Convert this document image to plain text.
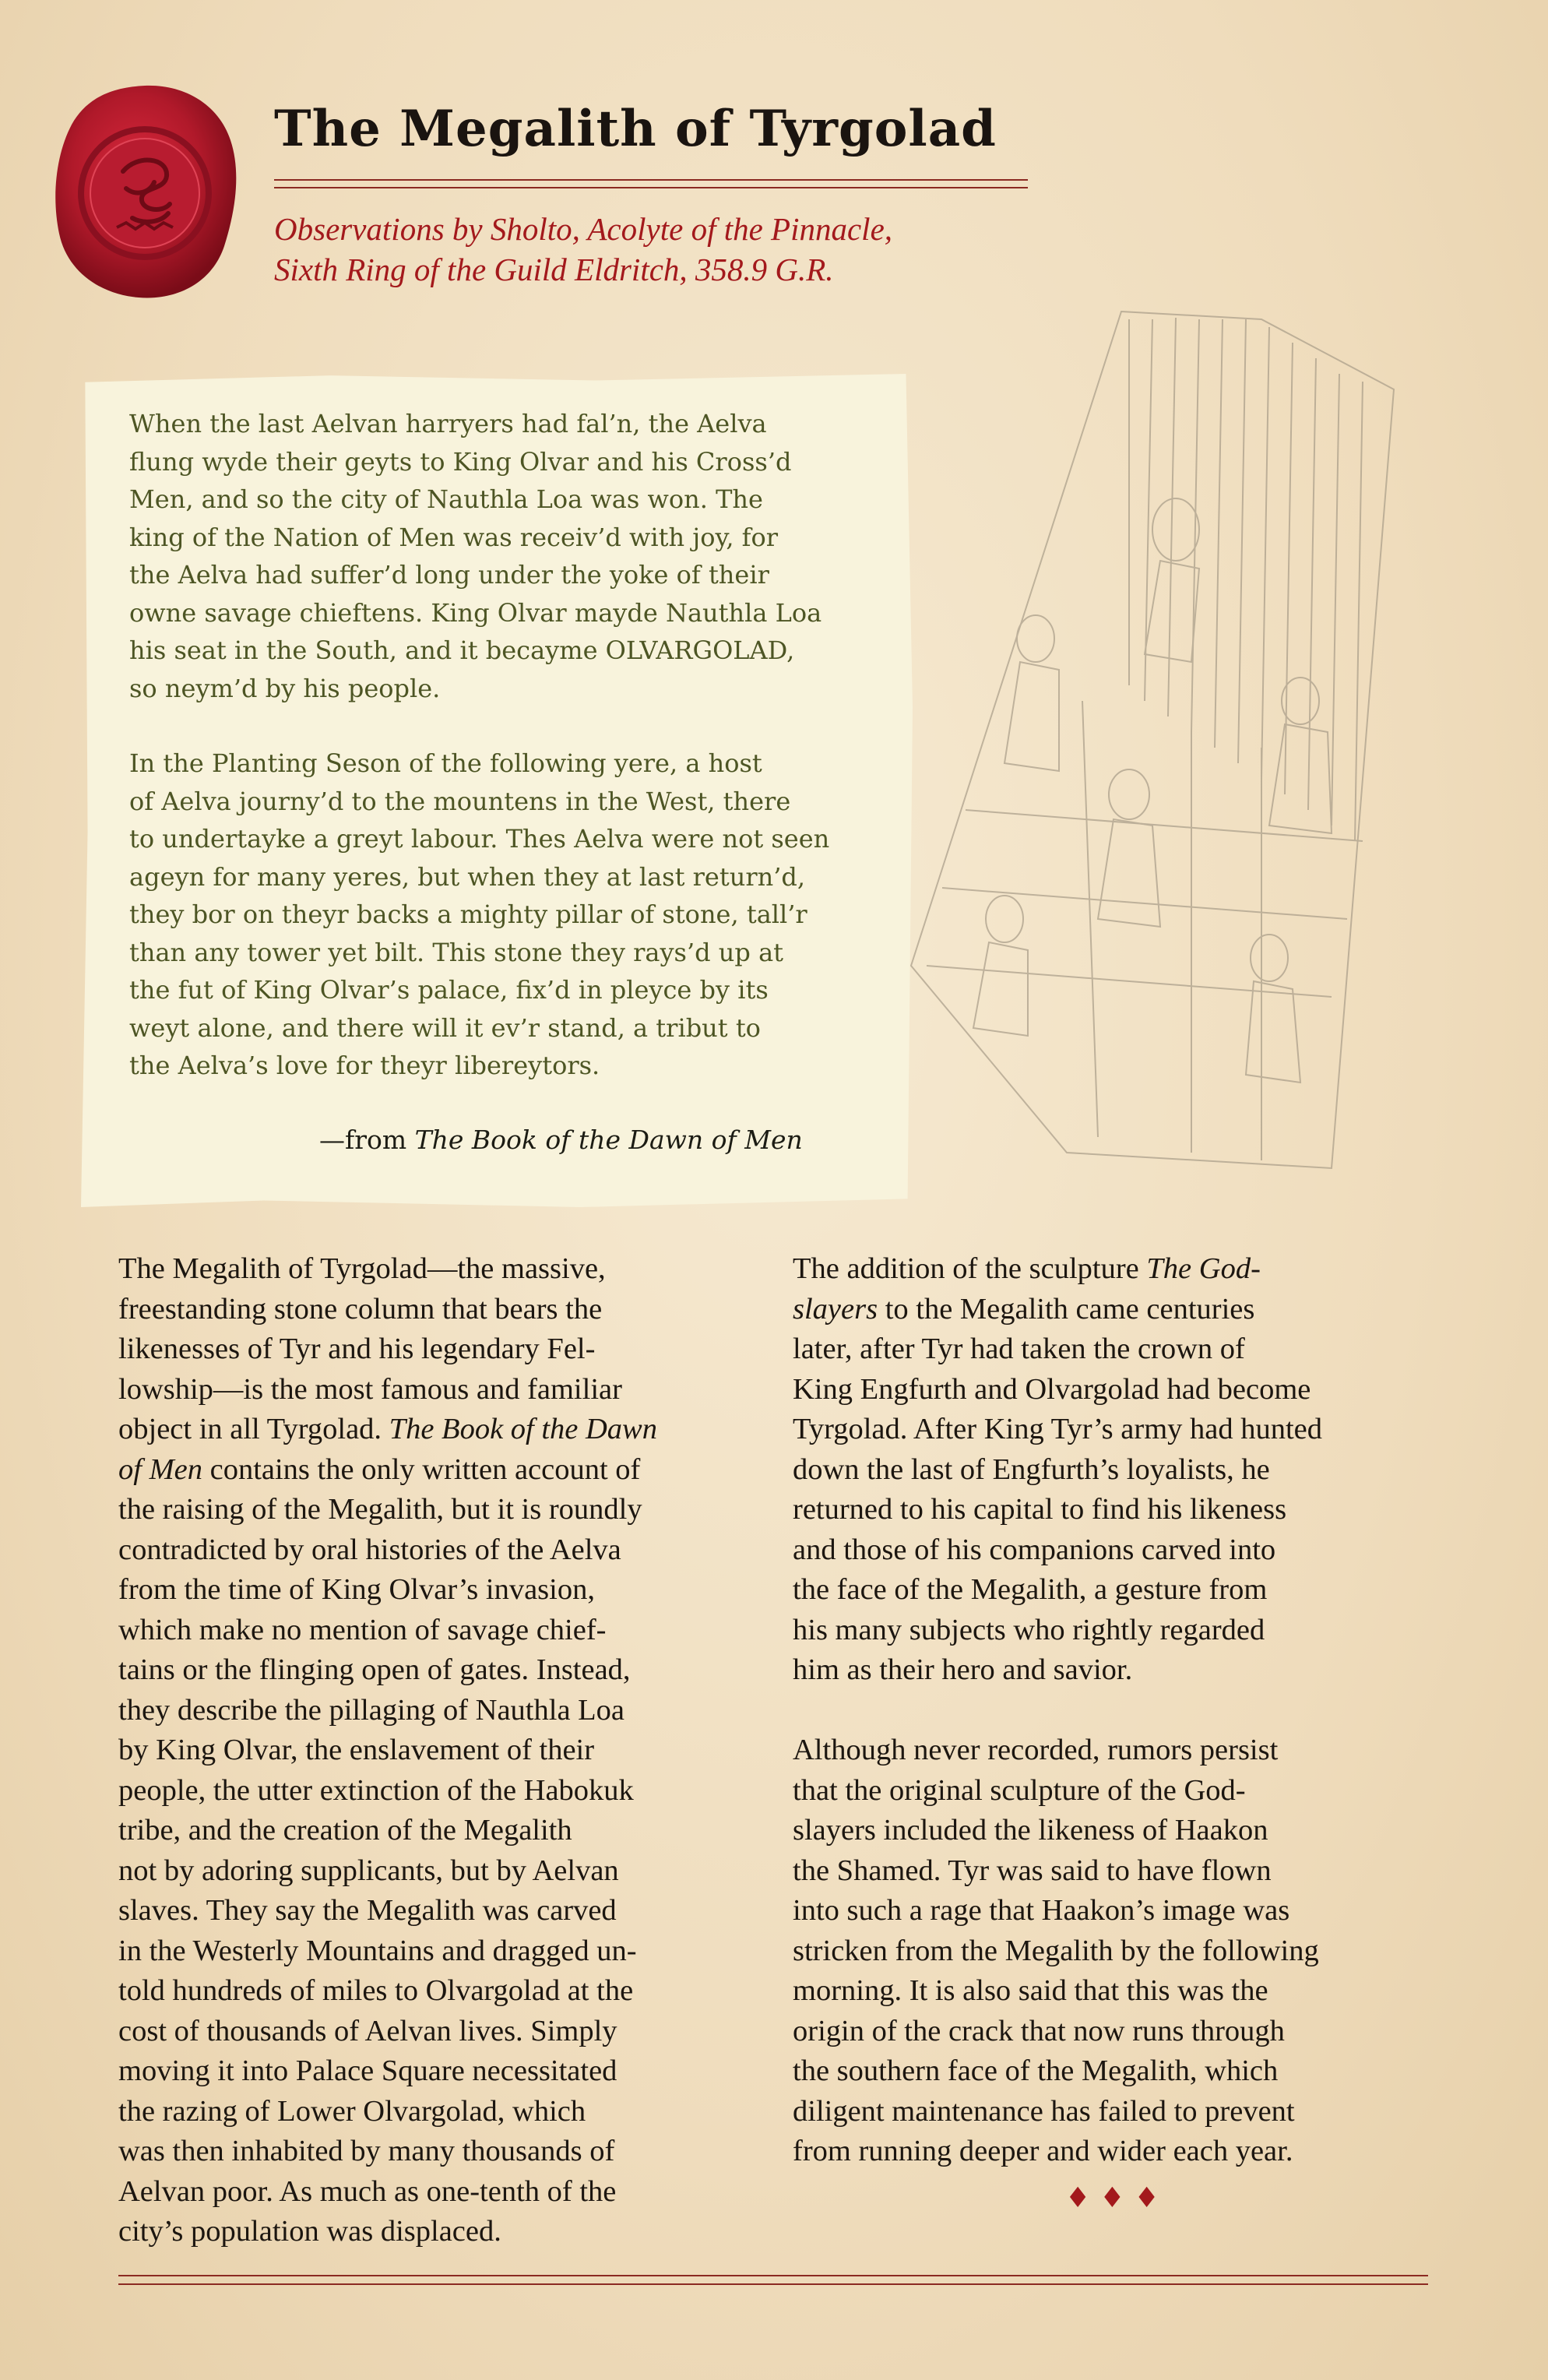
The Megalith of Tyrgolad
Observations by Sholto, Acolyte of the Pinnacle,
Sixth Ring of the Guild Eldritch, 358.9 G.R.
When the last Aelvan harryers had fal’n, the Aelva
flung wyde their geyts to King Olvar and his Cross’d
Men, and so the city of Nauthla Loa was won. The
king of the Nation of Men was receiv’d with joy, for
the Aelva had suffer’d long under the yoke of their
owne savage chieftens. King Olvar mayde Nauthla Loa
his seat in the South, and it becayme OLVARGOLAD,
so neym’d by his people.
In the Planting Seson of the following yere, a host
of Aelva journy’d to the mountens in the West, there
to undertayke a greyt labour. Thes Aelva were not seen
ageyn for many yeres, but when they at last return’d,
they bor on theyr backs a mighty pillar of stone, tall’r
than any tower yet bilt. This stone they rays’d up at
the fut of King Olvar’s palace, fix’d in pleyce by its
weyt alone, and there will it ev’r stand, a tribut to
the Aelva’s love for theyr libereytors.
—from The Book of the Dawn of Men
The Megalith of Tyrgolad—the massive,
freestanding stone column that bears the
likenesses of Tyr and his legendary Fel-
lowship—is the most famous and familiar
object in all Tyrgolad. The Book of the Dawn
of Men contains the only written account of
the raising of the Megalith, but it is roundly
contradicted by oral histories of the Aelva
from the time of King Olvar’s invasion,
which make no mention of savage chief-
tains or the flinging open of gates. Instead,
they describe the pillaging of Nauthla Loa
by King Olvar, the enslavement of their
people, the utter extinction of the Habokuk
tribe, and the creation of the Megalith
not by adoring supplicants, but by Aelvan
slaves. They say the Megalith was carved
in the Westerly Mountains and dragged un-
told hundreds of miles to Olvargolad at the
cost of thousands of Aelvan lives. Simply
moving it into Palace Square necessitated
the razing of Lower Olvargolad, which
was then inhabited by many thousands of
Aelvan poor. As much as one-tenth of the
city’s population was displaced.
The addition of the sculpture The God-
slayers to the Megalith came centuries
later, after Tyr had taken the crown of
King Engfurth and Olvargolad had become
Tyrgolad. After King Tyr’s army had hunted
down the last of Engfurth’s loyalists, he
returned to his capital to find his likeness
and those of his companions carved into
the face of the Megalith, a gesture from
his many subjects who rightly regarded
him as their hero and savior.
Although never recorded, rumors persist
that the original sculpture of the God-
slayers included the likeness of Haakon
the Shamed. Tyr was said to have flown
into such a rage that Haakon’s image was
stricken from the Megalith by the following
morning. It is also said that this was the
origin of the crack that now runs through
the southern face of the Megalith, which
diligent maintenance has failed to prevent
from running deeper and wider each year.
♦♦♦
